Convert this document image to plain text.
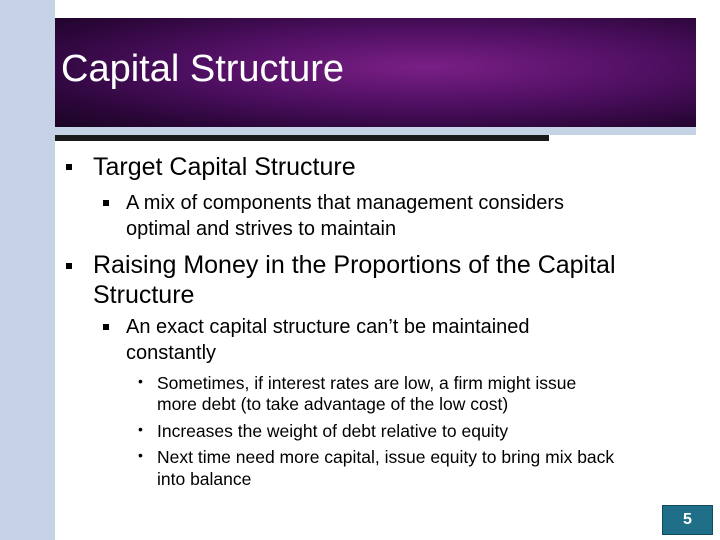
Capital Structure
Target Capital Structure
A mix of components that management considers
optimal and strives to maintain
Raising Money in the Proportions of the Capital
Structure
An exact capital structure can’t be maintained
constantly
• Sometimes, if interest rates are low, a firm might issue
more debt (to take advantage of the low cost)
• Increases the weight of debt relative to equity
• Next time need more capital, issue equity to bring mix back
into balance
5
